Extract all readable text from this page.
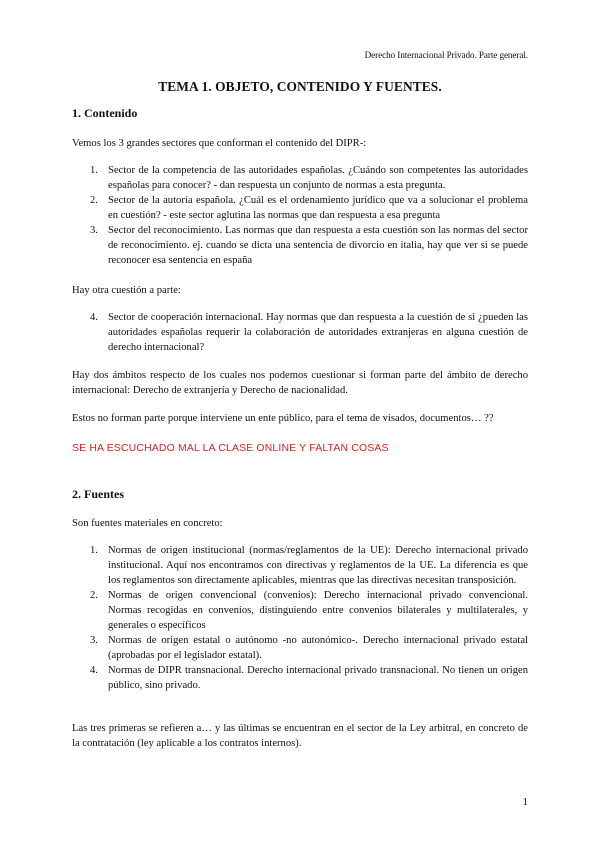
Derecho Internacional Privado. Parte general.
TEMA 1. OBJETO, CONTENIDO Y FUENTES.
1. Contenido
Vemos los 3 grandes sectores que conforman el contenido del DIPR-:
1. Sector de la competencia de las autoridades españolas. ¿Cuándo son competentes las autoridades españolas para conocer? - dan respuesta un conjunto de normas a esta pregunta.
2. Sector de la autoría española. ¿Cuál es el ordenamiento jurídico que va a solucionar el problema en cuestión? - este sector aglutina las normas que dan respuesta a esa pregunta
3. Sector del reconocimiento. Las normas que dan respuesta a esta cuestión son las normas del sector de reconocimiento. ej. cuando se dicta una sentencia de divorcio en italia, hay que ver si se puede reconocer esa sentencia en españa
Hay otra cuestión a parte:
4. Sector de cooperación internacional. Hay normas que dan respuesta a la cuestión de si ¿pueden las autoridades españolas requerir la colaboración de autoridades extranjeras en alguna cuestión de derecho internacional?
Hay dos ámbitos respecto de los cuales nos podemos cuestionar si forman parte del ámbito de derecho internacional: Derecho de extranjería y Derecho de nacionalidad.
Estos no forman parte porque interviene un ente público, para el tema de visados, documentos… ??
SE HA ESCUCHADO MAL LA CLASE ONLINE Y FALTAN COSAS
2. Fuentes
Son fuentes materiales en concreto:
1. Normas de origen institucional (normas/reglamentos de la UE): Derecho internacional privado institucional. Aquí nos encontramos con directivas y reglamentos de la UE. La diferencia es que los reglamentos son directamente aplicables, mientras que las directivas necesitan transposición.
2. Normas de origen convencional (convenios): Derecho internacional privado convencional. Normas recogidas en convenios, distinguiendo entre convenios bilaterales y multilaterales, y generales o específicos
3. Normas de origen estatal o autónomo -no autonómico-. Derecho internacional privado estatal (aprobadas por el legislador estatal).
4. Normas de DIPR transnacional. Derecho internacional privado transnacional. No tienen un origen público, sino privado.
Las tres primeras se refieren a… y las últimas se encuentran en el sector de la Ley arbitral, en concreto de la contratación (ley aplicable a los contratos internos).
1
